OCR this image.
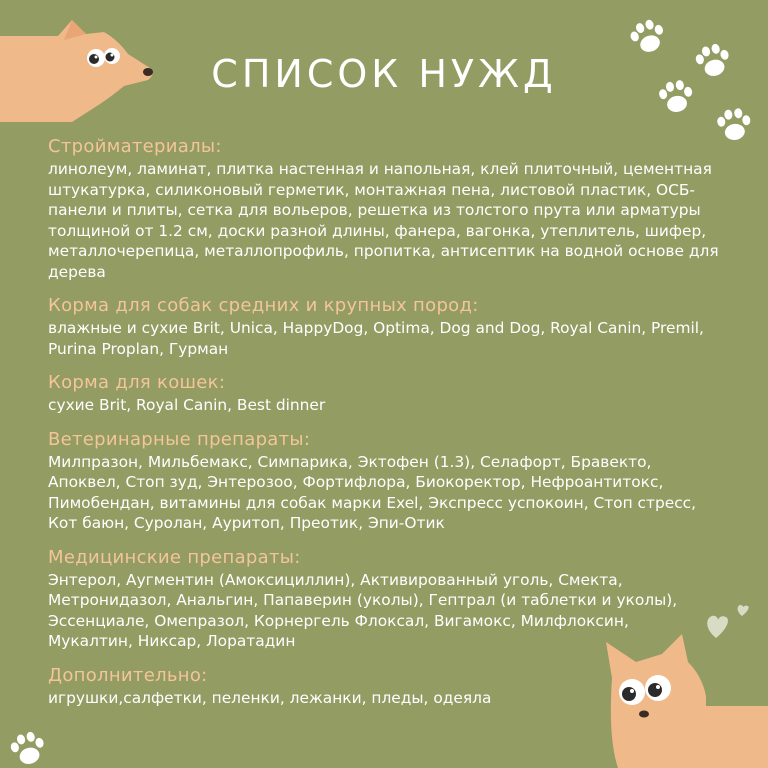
СПИСОК НУЖД
Стройматериалы:
линолеум, ламинат, плитка настенная и напольная, клей плиточный, цементная штукатурка, силиконовый герметик, монтажная пена, листовой пластик, ОСБ-панели и плиты, сетка для вольеров, решетка из толстого прута или арматуры толщиной от 1.2 см, доски разной длины, фанера, вагонка, утеплитель, шифер, металлочерепица, металлопрофиль, пропитка, антисептик на водной основе для дерева
Корма для собак средних и крупных пород:
влажные и сухие Brit, Unica, HappyDog, Optima, Dog and Dog, Royal Canin, Premil, Purina Proplan, Гурман
Корма для кошек:
сухие Brit, Royal Canin, Best dinner
Ветеринарные препараты:
Милпразон, Мильбемакс, Симпарика, Эктофен (1.3), Селафорт, Бравекто, Апоквел, Стоп зуд, Энтерозоо, Фортифлора, Биокоректор, Нефроантитокс, Пимобендан, витамины для собак марки Exel, Экспресс успокоин, Стоп стресс, Кот баюн, Суролан, Ауритоп, Преотик, Эпи-Отик
Медицинские препараты:
Энтерол, Аугментин (Амоксициллин), Активированный уголь, Смекта, Метронидазол, Анальгин, Папаверин (уколы), Гептрал (и таблетки и уколы), Эссенциале, Омепразол, Корнергель Флоксал, Вигамокс, Милфлоксин, Мукалтин, Никсар, Лоратадин
Дополнительно:
игрушки,салфетки, пеленки, лежанки, пледы, одеяла
